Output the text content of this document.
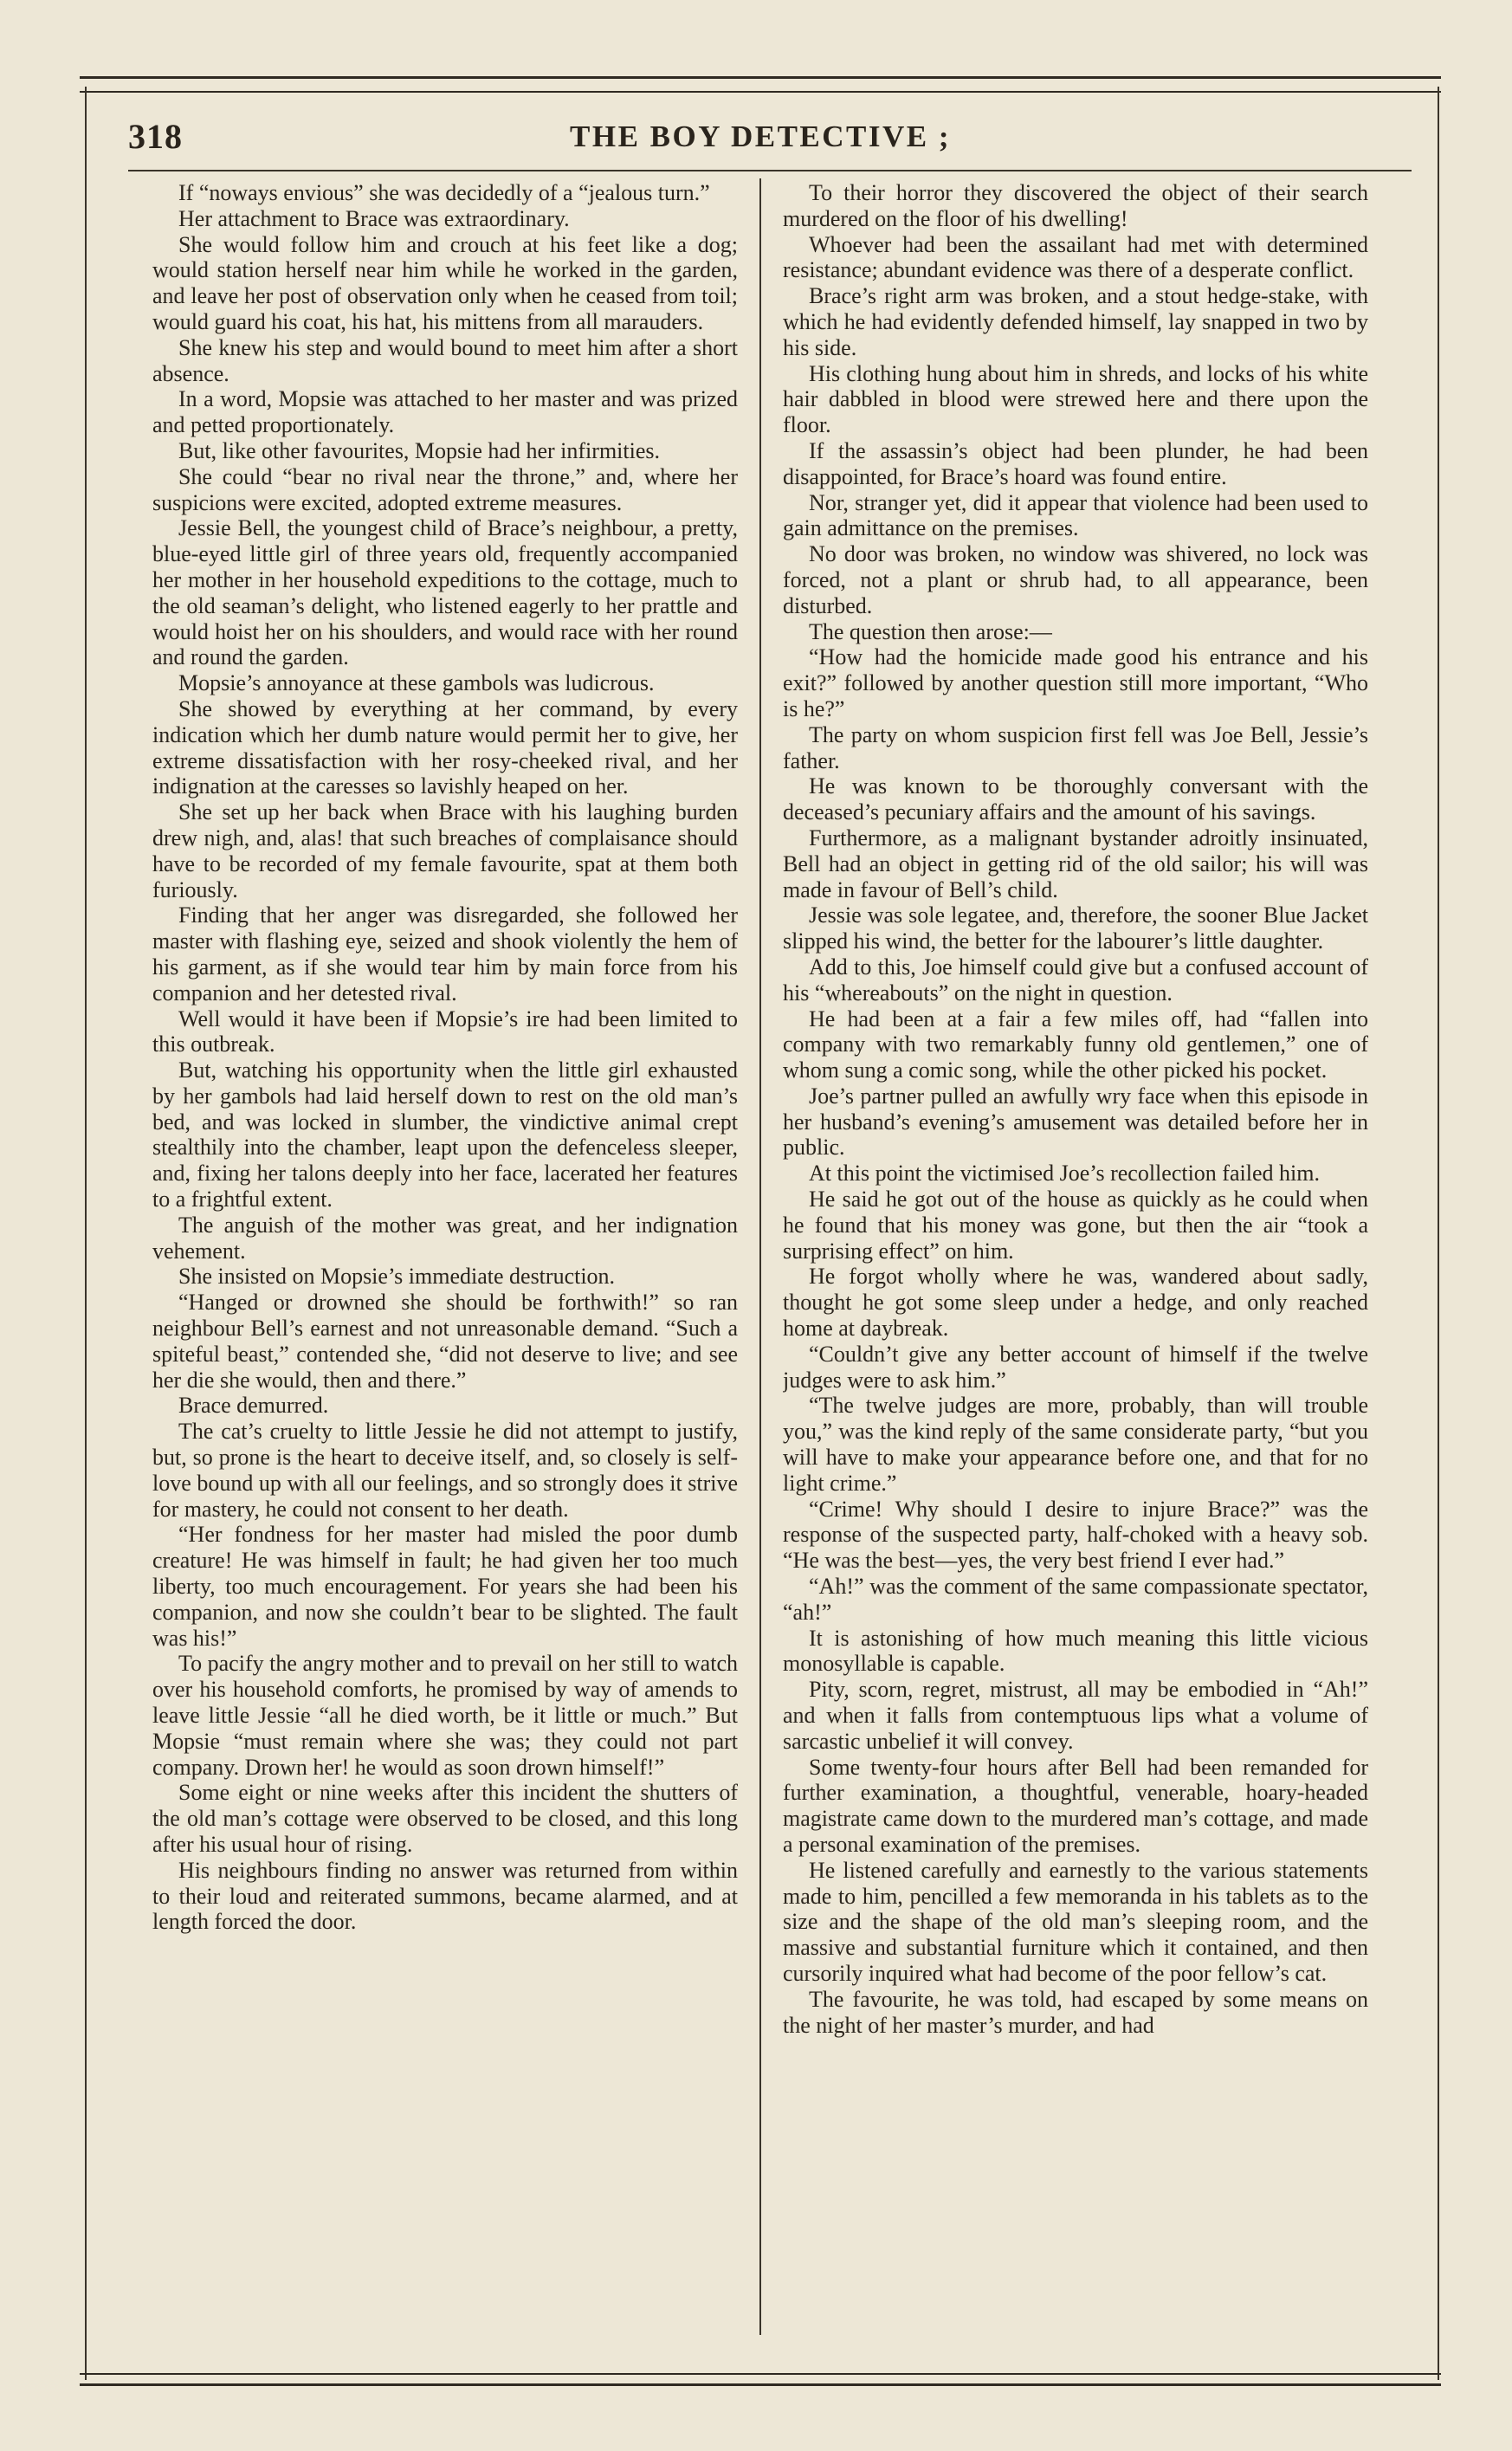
318	THE BOY DETECTIVE ;

If “noways envious” she was decidedly of a “jealous turn.”

Her attachment to Brace was extraordinary.

She would follow him and crouch at his feet like a dog; would station herself near him while he worked in the garden, and leave her post of observation only when he ceased from toil; would guard his coat, his hat, his mittens from all marauders.

She knew his step and would bound to meet him after a short absence.

In a word, Mopsie was attached to her master and was prized and petted proportionately.

But, like other favourites, Mopsie had her infirmities.

She could “bear no rival near the throne,” and, where her suspicions were excited, adopted extreme measures.

Jessie Bell, the youngest child of Brace’s neighbour, a pretty, blue-eyed little girl of three years old, frequently accompanied her mother in her household expeditions to the cottage, much to the old seaman’s delight, who listened eagerly to her prattle and would hoist her on his shoulders, and would race with her round and round the garden.

Mopsie’s annoyance at these gambols was ludicrous.

She showed by everything at her command, by every indication which her dumb nature would permit her to give, her extreme dissatisfaction with her rosy-cheeked rival, and her indignation at the caresses so lavishly heaped on her.

She set up her back when Brace with his laughing burden drew nigh, and, alas! that such breaches of complaisance should have to be recorded of my female favourite, spat at them both furiously.

Finding that her anger was disregarded, she followed her master with flashing eye, seized and shook violently the hem of his garment, as if she would tear him by main force from his companion and her detested rival.

Well would it have been if Mopsie’s ire had been limited to this outbreak.

But, watching his opportunity when the little girl exhausted by her gambols had laid herself down to rest on the old man’s bed, and was locked in slumber, the vindictive animal crept stealthily into the chamber, leapt upon the defenceless sleeper, and, fixing her talons deeply into her face, lacerated her features to a frightful extent.

The anguish of the mother was great, and her indignation vehement.

She insisted on Mopsie’s immediate destruction.

“Hanged or drowned she should be forthwith!” so ran neighbour Bell’s earnest and not unreasonable demand. “Such a spiteful beast,” contended she, “did not deserve to live; and see her die she would, then and there.”

Brace demurred.

The cat’s cruelty to little Jessie he did not attempt to justify, but, so prone is the heart to deceive itself, and, so closely is self-love bound up with all our feelings, and so strongly does it strive for mastery, he could not consent to her death.

“Her fondness for her master had misled the poor dumb creature! He was himself in fault; he had given her too much liberty, too much encouragement. For years she had been his companion, and now she couldn’t bear to be slighted. The fault was his!”

To pacify the angry mother and to prevail on her still to watch over his household comforts, he promised by way of amends to leave little Jessie “all he died worth, be it little or much.” But Mopsie “must remain where she was; they could not part company. Drown her! he would as soon drown himself!”

Some eight or nine weeks after this incident the shutters of the old man’s cottage were observed to be closed, and this long after his usual hour of rising.

His neighbours finding no answer was returned from within to their loud and reiterated summons, became alarmed, and at length forced the door.

To their horror they discovered the object of their search murdered on the floor of his dwelling!

Whoever had been the assailant had met with determined resistance; abundant evidence was there of a desperate conflict.

Brace’s right arm was broken, and a stout hedge-stake, with which he had evidently defended himself, lay snapped in two by his side.

His clothing hung about him in shreds, and locks of his white hair dabbled in blood were strewed here and there upon the floor.

If the assassin’s object had been plunder, he had been disappointed, for Brace’s hoard was found entire.

Nor, stranger yet, did it appear that violence had been used to gain admittance on the premises.

No door was broken, no window was shivered, no lock was forced, not a plant or shrub had, to all appearance, been disturbed.

The question then arose:—

“How had the homicide made good his entrance and his exit?” followed by another question still more important, “Who is he?”

The party on whom suspicion first fell was Joe Bell, Jessie’s father.

He was known to be thoroughly conversant with the deceased’s pecuniary affairs and the amount of his savings.

Furthermore, as a malignant bystander adroitly insinuated, Bell had an object in getting rid of the old sailor; his will was made in favour of Bell’s child.

Jessie was sole legatee, and, therefore, the sooner Blue Jacket slipped his wind, the better for the labourer’s little daughter.

Add to this, Joe himself could give but a confused account of his “whereabouts” on the night in question.

He had been at a fair a few miles off, had “fallen into company with two remarkably funny old gentlemen,” one of whom sung a comic song, while the other picked his pocket.

Joe’s partner pulled an awfully wry face when this episode in her husband’s evening’s amusement was detailed before her in public.

At this point the victimised Joe’s recollection failed him.

He said he got out of the house as quickly as he could when he found that his money was gone, but then the air “took a surprising effect” on him.

He forgot wholly where he was, wandered about sadly, thought he got some sleep under a hedge, and only reached home at daybreak.

“Couldn’t give any better account of himself if the twelve judges were to ask him.”

“The twelve judges are more, probably, than will trouble you,” was the kind reply of the same considerate party, “but you will have to make your appearance before one, and that for no light crime.”

“Crime! Why should I desire to injure Brace?” was the response of the suspected party, half-choked with a heavy sob. “He was the best—yes, the very best friend I ever had.”

“Ah!” was the comment of the same compassionate spectator, “ah!”

It is astonishing of how much meaning this little vicious monosyllable is capable.

Pity, scorn, regret, mistrust, all may be embodied in “Ah!” and when it falls from contemptuous lips what a volume of sarcastic unbelief it will convey.

Some twenty-four hours after Bell had been remanded for further examination, a thoughtful, venerable, hoary-headed magistrate came down to the murdered man’s cottage, and made a personal examination of the premises.

He listened carefully and earnestly to the various statements made to him, pencilled a few memoranda in his tablets as to the size and the shape of the old man’s sleeping room, and the massive and substantial furniture which it contained, and then cursorily inquired what had become of the poor fellow’s cat.

The favourite, he was told, had escaped by some means on the night of her master’s murder, and had
